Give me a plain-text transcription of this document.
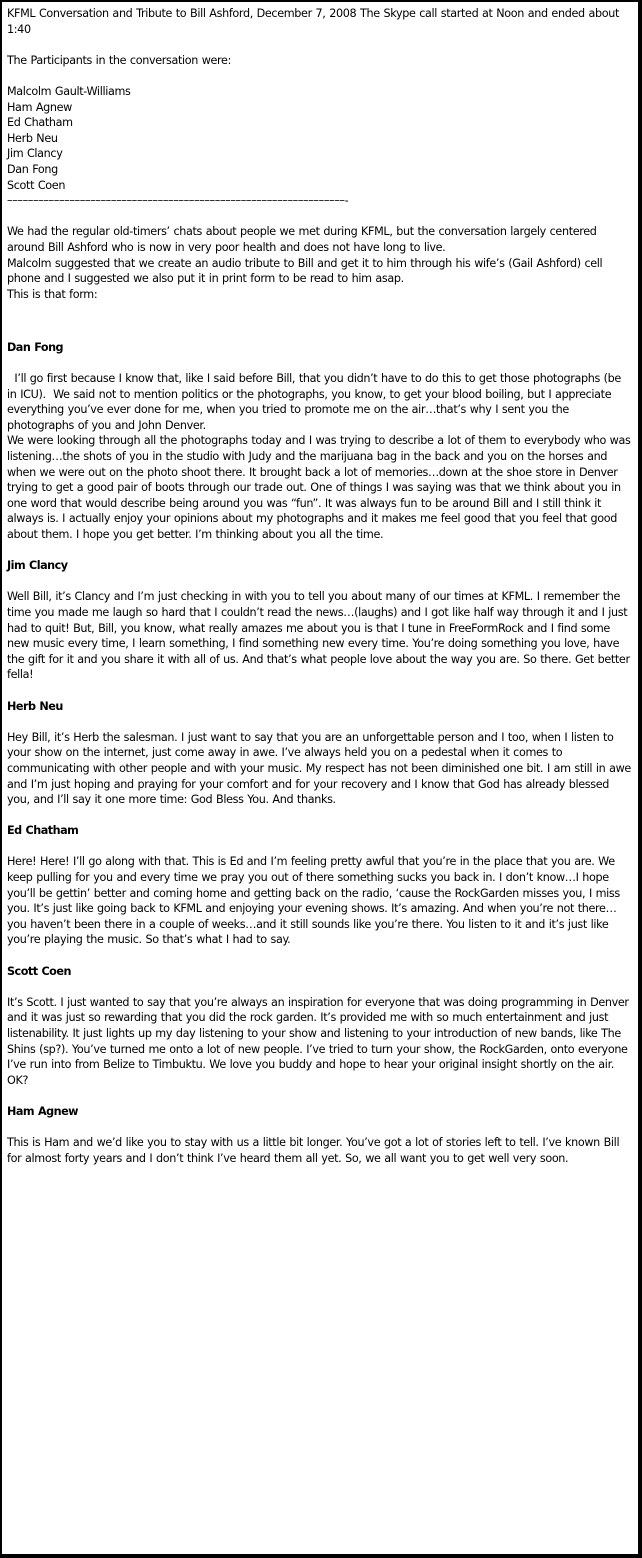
KFML Conversation and Tribute to Bill Ashford, December 7, 2008 The Skype call started at Noon and ended about 1:40

The Participants in the conversation were:

Malcolm Gault-Williams
Ham Agnew
Ed Chatham
Herb Neu
Jim Clancy
Dan Fong
Scott Coen

–––––––––––––––––––––––––––––––––––––––––––––––––––––––––––––––––-

We had the regular old-timers’ chats about people we met during KFML, but the conversation largely centered around Bill Ashford who is now in very poor health and does not have long to live.

Malcolm suggested that we create an audio tribute to Bill and get it to him through his wife’s (Gail Ashford) cell phone and I suggested we also put it in print form to be read to him asap.

This is that form:

Dan Fong

I’ll go first because I know that, like I said before Bill, that you didn’t have to do this to get those photographs (be in ICU).  We said not to mention politics or the photographs, you know, to get your blood boiling, but I appreciate everything you’ve ever done for me, when you tried to promote me on the air…that’s why I sent you the photographs of you and John Denver.

We were looking through all the photographs today and I was trying to describe a lot of them to everybody who was listening…the shots of you in the studio with Judy and the marijuana bag in the back and you on the horses and when we were out on the photo shoot there. It brought back a lot of memories…down at the shoe store in Denver trying to get a good pair of boots through our trade out. One of things I was saying was that we think about you in one word that would describe being around you was “fun”. It was always fun to be around Bill and I still think it always is. I actually enjoy your opinions about my photographs and it makes me feel good that you feel that good about them. I hope you get better. I’m thinking about you all the time.

Jim Clancy

Well Bill, it’s Clancy and I’m just checking in with you to tell you about many of our times at KFML. I remember the time you made me laugh so hard that I couldn’t read the news…(laughs) and I got like half way through it and I just had to quit! But, Bill, you know, what really amazes me about you is that I tune in FreeFormRock and I find some new music every time, I learn something, I find something new every time. You’re doing something you love, have the gift for it and you share it with all of us. And that’s what people love about the way you are. So there. Get better fella!

Herb Neu

Hey Bill, it’s Herb the salesman. I just want to say that you are an unforgettable person and I too, when I listen to your show on the internet, just come away in awe. I’ve always held you on a pedestal when it comes to communicating with other people and with your music. My respect has not been diminished one bit. I am still in awe and I’m just hoping and praying for your comfort and for your recovery and I know that God has already blessed you, and I’ll say it one more time: God Bless You. And thanks.

Ed Chatham

Here! Here! I’ll go along with that. This is Ed and I’m feeling pretty awful that you’re in the place that you are. We keep pulling for you and every time we pray you out of there something sucks you back in. I don’t know…I hope you’ll be gettin’ better and coming home and getting back on the radio, ‘cause the RockGarden misses you, I miss you. It’s just like going back to KFML and enjoying your evening shows. It’s amazing. And when you’re not there…you haven’t been there in a couple of weeks…and it still sounds like you’re there. You listen to it and it’s just like you’re playing the music. So that’s what I had to say.

Scott Coen

It’s Scott. I just wanted to say that you’re always an inspiration for everyone that was doing programming in Denver and it was just so rewarding that you did the rock garden. It’s provided me with so much entertainment and just listenability. It just lights up my day listening to your show and listening to your introduction of new bands, like The Shins (sp?). You’ve turned me onto a lot of new people. I’ve tried to turn your show, the RockGarden, onto everyone I’ve run into from Belize to Timbuktu. We love you buddy and hope to hear your original insight shortly on the air. OK?

Ham Agnew

This is Ham and we’d like you to stay with us a little bit longer. You’ve got a lot of stories left to tell. I’ve known Bill for almost forty years and I don’t think I’ve heard them all yet. So, we all want you to get well very soon.
